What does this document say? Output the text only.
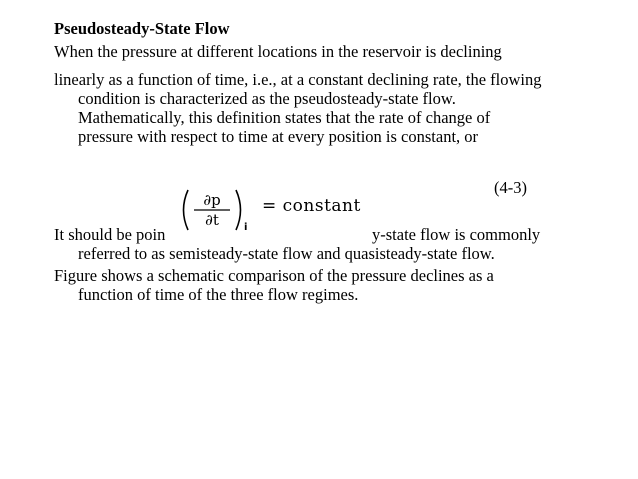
Pseudosteady-State Flow
When the pressure at different locations in the reservoir is declining
linearly as a function of time, i.e., at a constant declining rate, the flowing
condition is characterized as the pseudosteady-state flow.
Mathematically, this definition states that the rate of change of
pressure with respect to time at every position is constant, or
(4-3)
∂p
∂t	i
= constant
It should be poin	y-state flow is commonly
referred to as semisteady-state flow and quasisteady-state flow.
Figure shows a schematic comparison of the pressure declines as a
function of time of the three flow regimes.
